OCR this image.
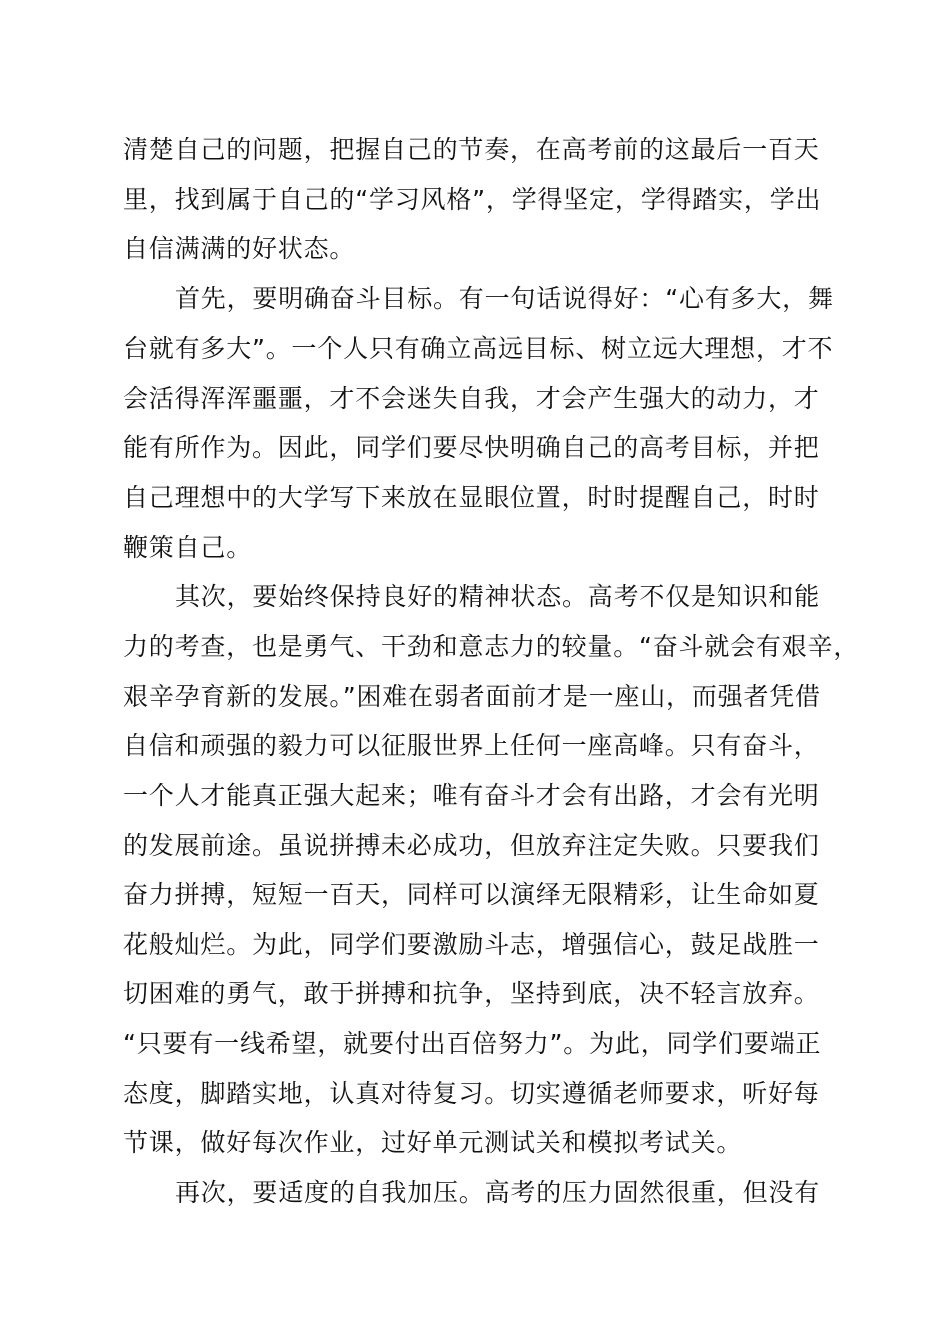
清楚自己的问题，把握自己的节奏，在高考前的这最后一百天

里，找到属于自己的“学习风格”，学得坚定，学得踏实，学出

自信满满的好状态。

首先，要明确奋斗目标。有一句话说得好：“心有多大，舞

台就有多大”。一个人只有确立高远目标、树立远大理想，才不

会活得浑浑噩噩，才不会迷失自我，才会产生强大的动力，才

能有所作为。因此，同学们要尽快明确自己的高考目标，并把

自己理想中的大学写下来放在显眼位置，时时提醒自己，时时

鞭策自己。

其次，要始终保持良好的精神状态。高考不仅是知识和能

力的考查，也是勇气、干劲和意志力的较量。“奋斗就会有艰辛，

艰辛孕育新的发展。”困难在弱者面前才是一座山，而强者凭借

自信和顽强的毅力可以征服世界上任何一座高峰。只有奋斗，

一个人才能真正强大起来；唯有奋斗才会有出路，才会有光明

的发展前途。虽说拼搏未必成功，但放弃注定失败。只要我们

奋力拼搏，短短一百天，同样可以演绎无限精彩，让生命如夏

花般灿烂。为此，同学们要激励斗志，增强信心，鼓足战胜一

切困难的勇气，敢于拼搏和抗争，坚持到底，决不轻言放弃。

“只要有一线希望，就要付出百倍努力”。为此，同学们要端正

态度，脚踏实地，认真对待复习。切实遵循老师要求，听好每

节课，做好每次作业，过好单元测试关和模拟考试关。

再次，要适度的自我加压。高考的压力固然很重，但没有
